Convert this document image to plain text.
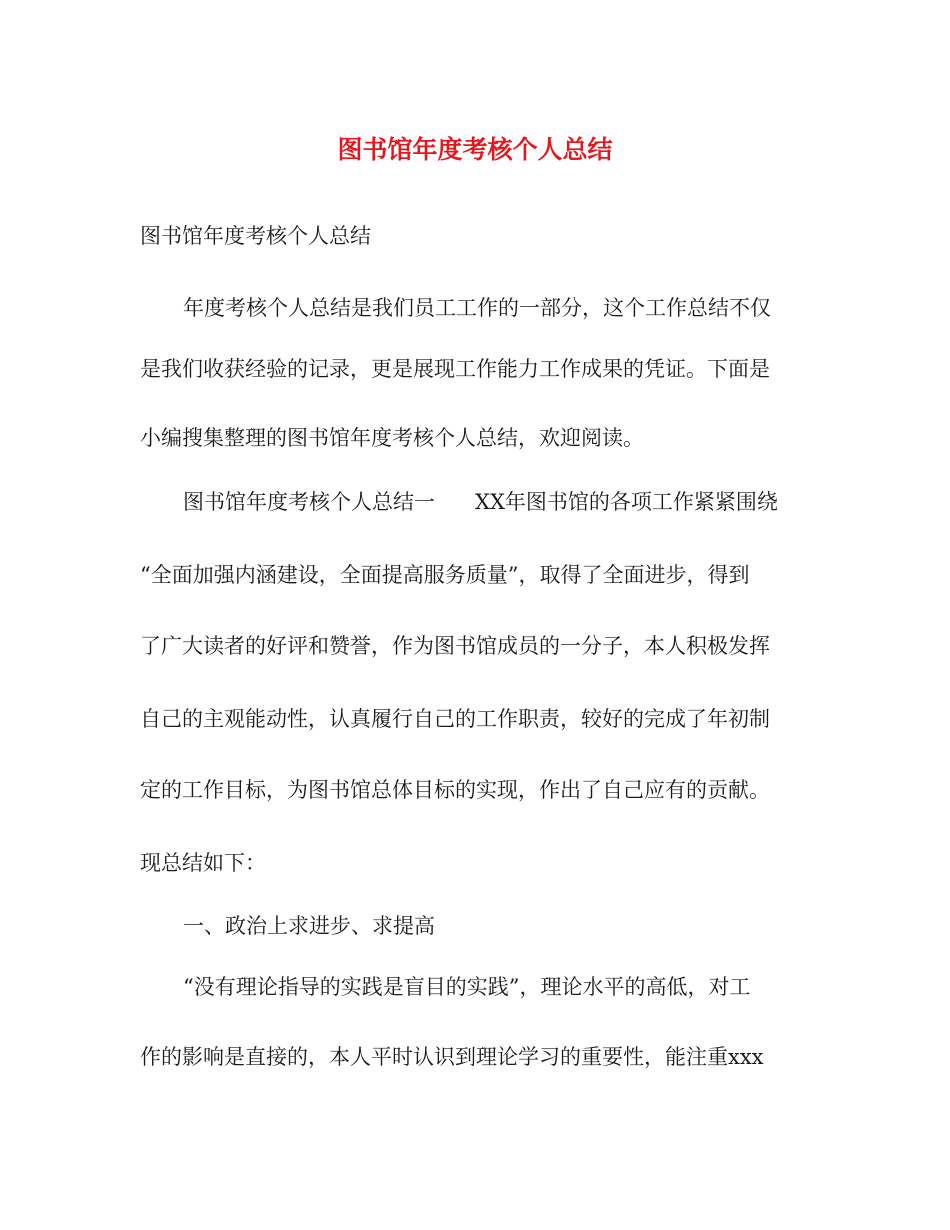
图书馆年度考核个人总结
图书馆年度考核个人总结
年度考核个人总结是我们员工工作的一部分，这个工作总结不仅
是我们收获经验的记录，更是展现工作能力工作成果的凭证。下面是
小编搜集整理的图书馆年度考核个人总结，欢迎阅读。
图书馆年度考核个人总结一 XX年图书馆的各项工作紧紧围绕
“全面加强内涵建设，全面提高服务质量”，取得了全面进步，得到
了广大读者的好评和赞誉，作为图书馆成员的一分子，本人积极发挥
自己的主观能动性，认真履行自己的工作职责，较好的完成了年初制
定的工作目标，为图书馆总体目标的实现，作出了自己应有的贡献。
现总结如下：
一、政治上求进步、求提高
“没有理论指导的实践是盲目的实践”，理论水平的高低，对工
作的影响是直接的，本人平时认识到理论学习的重要性，能注重xxx
